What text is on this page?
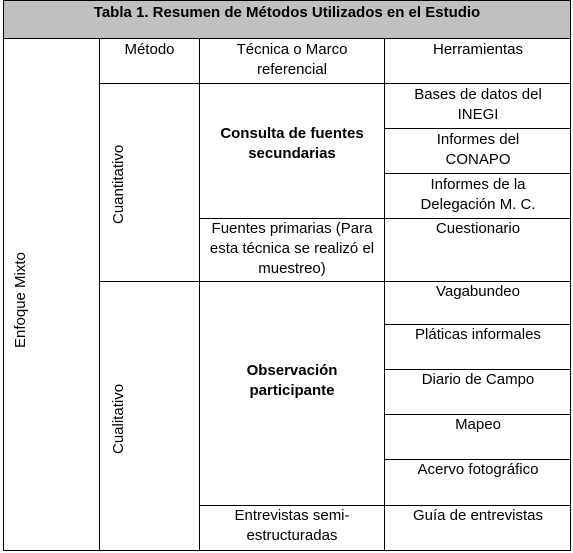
Tabla 1. Resumen de Métodos Utilizados en el Estudio
Enfoque Mixto
Método	Técnica o Marco referencial
Herramientas
Cuantitativo
Consulta de fuentes secundarias
Bases de datos del INEGI
Informes del CONAPO
Informes de la Delegación M. C.
Fuentes primarias (Para esta técnica se realizó el muestreo)
Cuestionario
Cualitativo
Observación participante
Vagabundeo
Pláticas informales
Diario de Campo
Mapeo
Acervo fotográfico
Entrevistas semi-estructuradas
Guía de entrevistas
